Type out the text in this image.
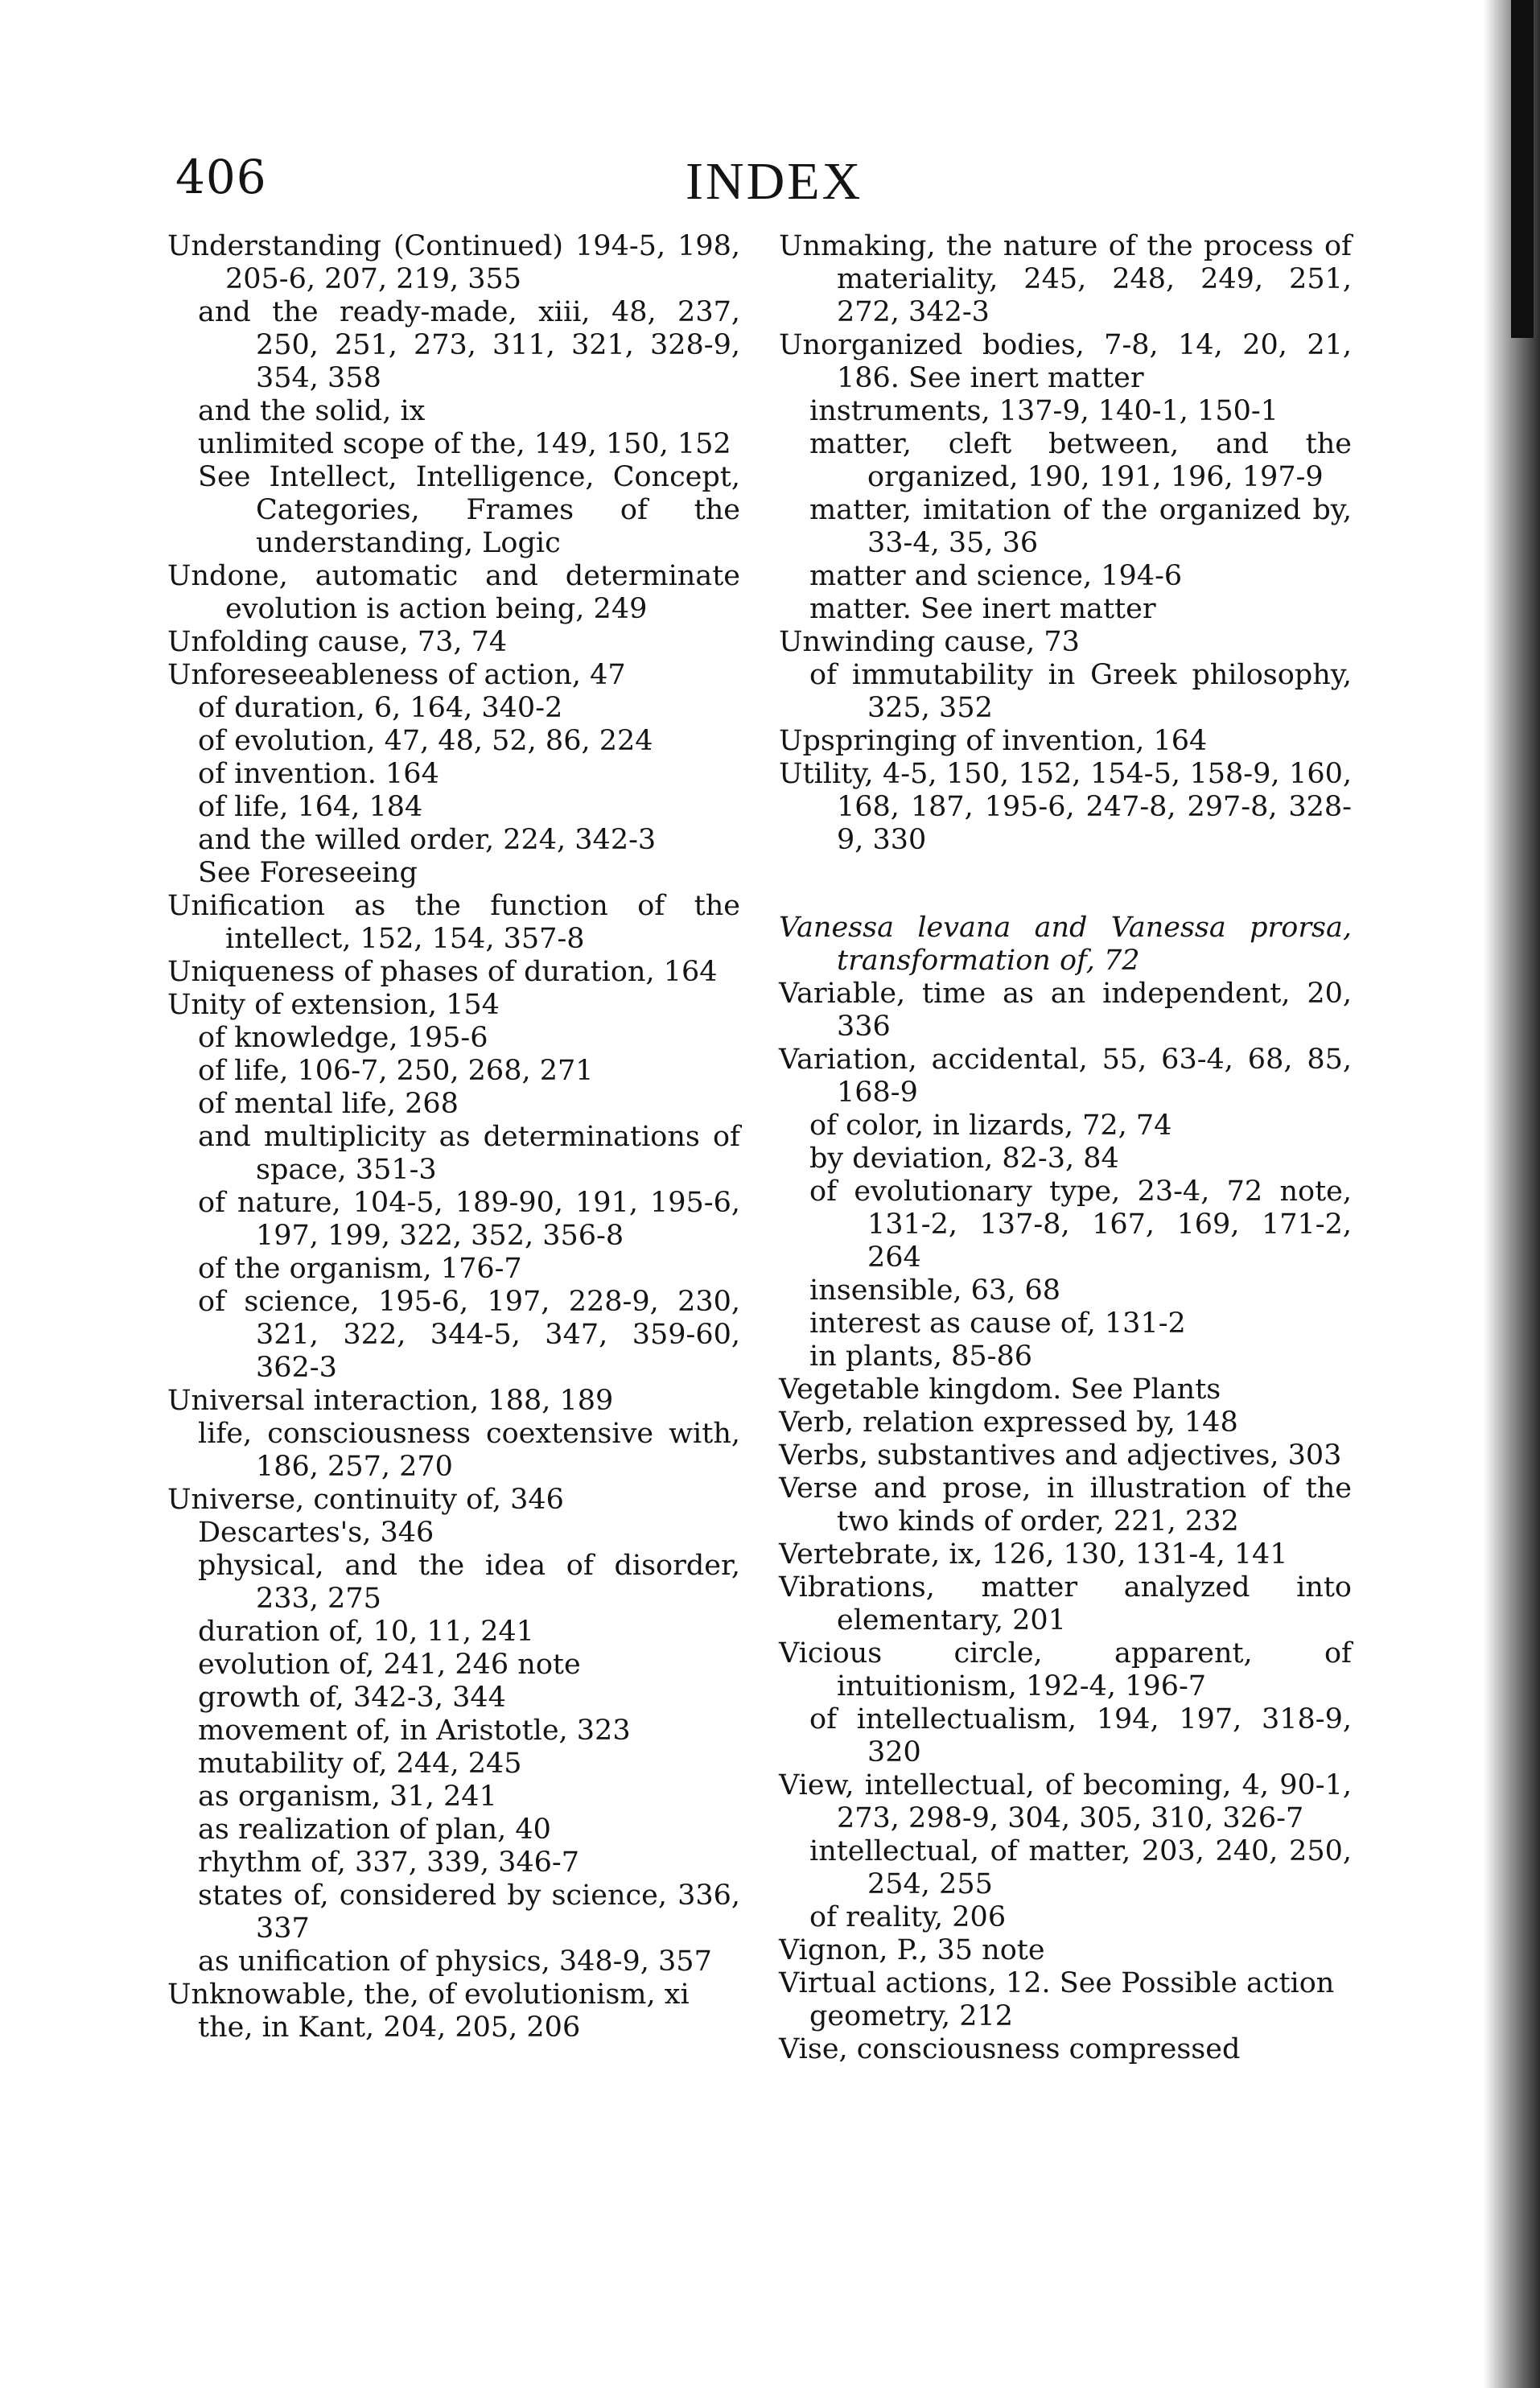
406	INDEX
Understanding (Continued) 194-5, 198, 205-6, 207, 219, 355
and the ready-made, xiii, 48, 237, 250, 251, 273, 311, 321, 328-9, 354, 358
and the solid, ix
unlimited scope of the, 149, 150, 152
See Intellect, Intelligence, Concept, Categories, Frames of the understanding, Logic
Undone, automatic and determinate evolution is action being, 249
Unfolding cause, 73, 74
Unforeseeableness of action, 47
of duration, 6, 164, 340-2
of evolution, 47, 48, 52, 86, 224
of invention. 164
of life, 164, 184
and the willed order, 224, 342-3
See Foreseeing
Unification as the function of the intellect, 152, 154, 357-8
Uniqueness of phases of duration, 164
Unity of extension, 154
of knowledge, 195-6
of life, 106-7, 250, 268, 271
of mental life, 268
and multiplicity as determinations of space, 351-3
of nature, 104-5, 189-90, 191, 195-6, 197, 199, 322, 352, 356-8
of the organism, 176-7
of science, 195-6, 197, 228-9, 230, 321, 322, 344-5, 347, 359-60, 362-3
Universal interaction, 188, 189
life, consciousness coextensive with, 186, 257, 270
Universe, continuity of, 346
Descartes's, 346
physical, and the idea of disorder, 233, 275
duration of, 10, 11, 241
evolution of, 241, 246 note
growth of, 342-3, 344
movement of, in Aristotle, 323
mutability of, 244, 245
as organism, 31, 241
as realization of plan, 40
rhythm of, 337, 339, 346-7
states of, considered by science, 336, 337
as unification of physics, 348-9, 357
Unknowable, the, of evolutionism, xi
the, in Kant, 204, 205, 206
Unmaking, the nature of the process of materiality, 245, 248, 249, 251, 272, 342-3
Unorganized bodies, 7-8, 14, 20, 21, 186. See inert matter
instruments, 137-9, 140-1, 150-1
matter, cleft between, and the organized, 190, 191, 196, 197-9
matter, imitation of the organized by, 33-4, 35, 36
matter and science, 194-6
matter. See inert matter
Unwinding cause, 73
of immutability in Greek philosophy, 325, 352
Upspringing of invention, 164
Utility, 4-5, 150, 152, 154-5, 158-9, 160, 168, 187, 195-6, 247-8, 297-8, 328-9, 330
Vanessa levana and Vanessa prorsa, transformation of, 72
Variable, time as an independent, 20, 336
Variation, accidental, 55, 63-4, 68, 85, 168-9
of color, in lizards, 72, 74
by deviation, 82-3, 84
of evolutionary type, 23-4, 72 note, 131-2, 137-8, 167, 169, 171-2, 264
insensible, 63, 68
interest as cause of, 131-2
in plants, 85-86
Vegetable kingdom. See Plants
Verb, relation expressed by, 148
Verbs, substantives and adjectives, 303
Verse and prose, in illustration of the two kinds of order, 221, 232
Vertebrate, ix, 126, 130, 131-4, 141
Vibrations, matter analyzed into elementary, 201
Vicious circle, apparent, of intuitionism, 192-4, 196-7
of intellectualism, 194, 197, 318-9, 320
View, intellectual, of becoming, 4, 90-1, 273, 298-9, 304, 305, 310, 326-7
intellectual, of matter, 203, 240, 250, 254, 255
of reality, 206
Vignon, P., 35 note
Virtual actions, 12. See Possible action
geometry, 212
Vise, consciousness compressed
